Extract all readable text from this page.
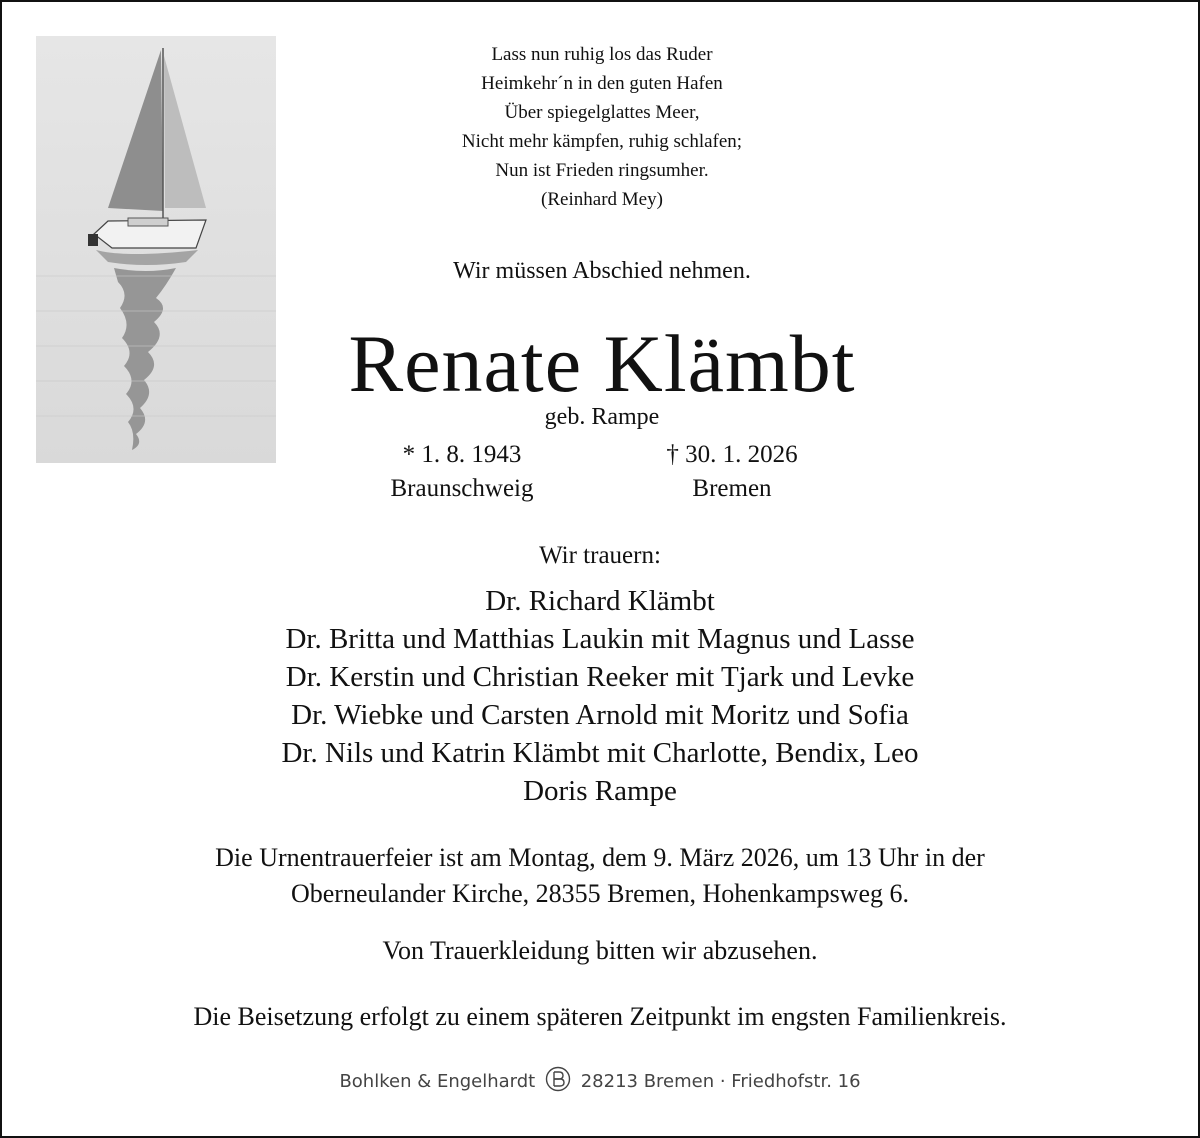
Lass nun ruhig los das Ruder
Heimkehr´n in den guten Hafen
Über spiegelglattes Meer,
Nicht mehr kämpfen, ruhig schlafen;
Nun ist Frieden ringsumher.
(Reinhard Mey)
Wir müssen Abschied nehmen.
Renate Klämbt
geb. Rampe
* 1. 8. 1943
Braunschweig
† 30. 1. 2026
Bremen
Wir trauern:
Dr. Richard Klämbt
Dr. Britta und Matthias Laukin mit Magnus und Lasse
Dr. Kerstin und Christian Reeker mit Tjark und Levke
Dr. Wiebke und Carsten Arnold mit Moritz und Sofia
Dr. Nils und Katrin Klämbt mit Charlotte, Bendix, Leo
Doris Rampe
Die Urnentrauerfeier ist am Montag, dem 9. März 2026, um 13 Uhr in der
Oberneulander Kirche, 28355 Bremen, Hohenkampsweg 6.
Von Trauerkleidung bitten wir abzusehen.
Die Beisetzung erfolgt zu einem späteren Zeitpunkt im engsten Familienkreis.
Bohlken & Engelhardt	28213 Bremen · Friedhofstr. 16
